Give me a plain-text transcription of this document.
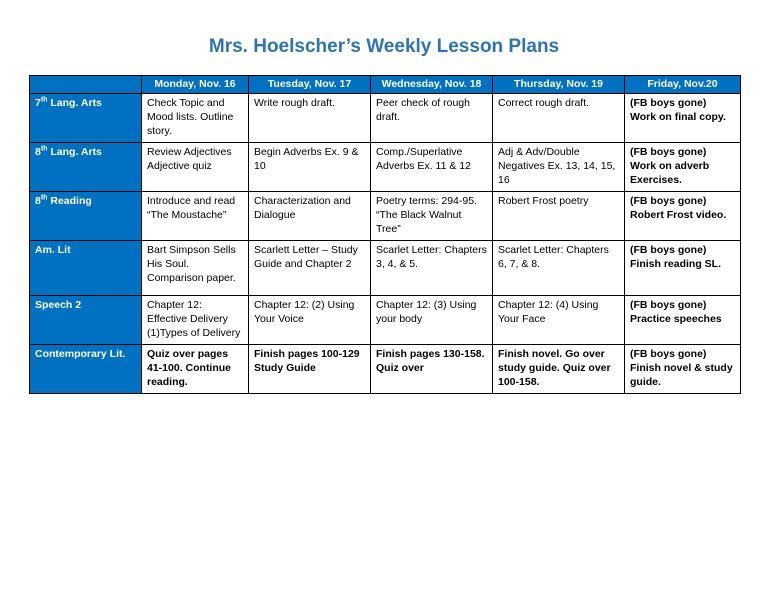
Mrs. Hoelscher’s Weekly Lesson Plans
	Monday, Nov. 16	Tuesday, Nov. 17	Wednesday, Nov. 18	Thursday, Nov. 19	Friday, Nov.20
7th Lang. Arts	Check Topic and Mood lists. Outline story.	Write rough draft.	Peer check of rough draft.	Correct rough draft.	(FB boys gone) Work on final copy.
8th Lang. Arts	Review Adjectives Adjective quiz	Begin Adverbs Ex. 9 & 10	Comp./Superlative Adverbs Ex. 11 & 12	Adj & Adv/Double Negatives Ex. 13, 14, 15, 16	(FB boys gone) Work on adverb Exercises.
8th Reading	Introduce and read “The Moustache”	Characterization and Dialogue	Poetry terms: 294-95. “The Black Walnut Tree”	Robert Frost poetry	(FB boys gone) Robert Frost video.
Am. Lit	Bart Simpson Sells His Soul. Comparison paper.	Scarlett Letter – Study Guide and Chapter 2	Scarlet Letter: Chapters 3, 4, & 5.	Scarlet Letter: Chapters 6, 7, & 8.	(FB boys gone) Finish reading SL.
Speech 2	Chapter 12: Effective Delivery (1)Types of Delivery	Chapter 12: (2) Using Your Voice	Chapter 12: (3) Using your body	Chapter 12: (4) Using Your Face	(FB boys gone) Practice speeches
Contemporary Lit.	Quiz over pages 41-100. Continue reading.	Finish pages 100-129 Study Guide	Finish pages 130-158. Quiz over	Finish novel. Go over study guide. Quiz over 100-158.	(FB boys gone) Finish novel & study guide.
